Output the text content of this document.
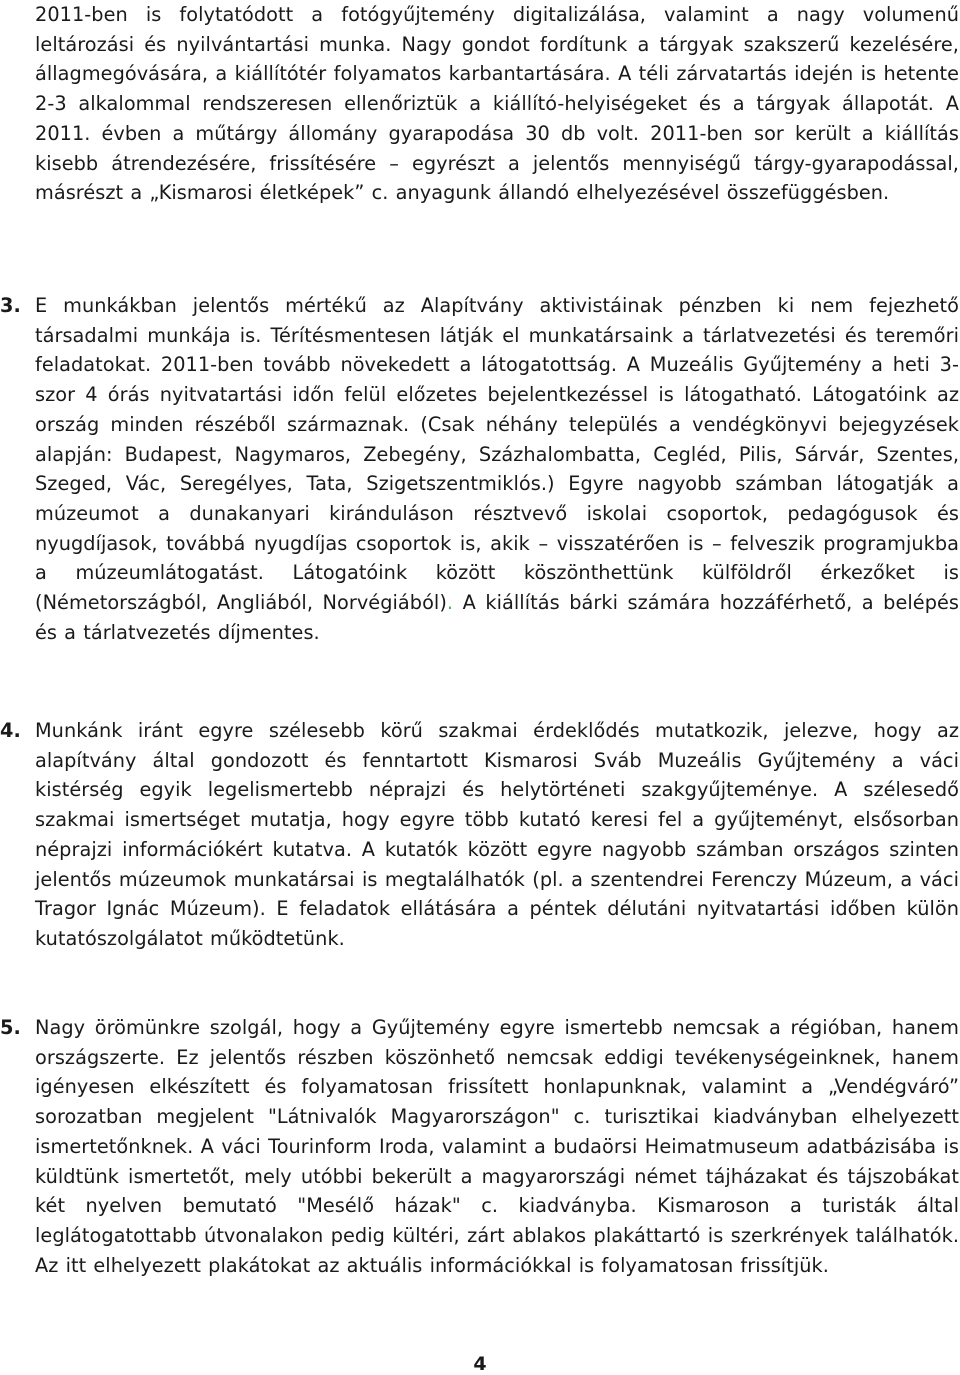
2011-ben is folytatódott a fotógyűjtemény digitalizálása, valamint a nagy volumenű leltározási és nyilvántartási munka. Nagy gondot fordítunk a tárgyak szakszerű kezelésére, állagmegóvására, a kiállítótér folyamatos karbantartására. A téli zárvatartás idején is hetente 2-3 alkalommal rendszeresen ellenőriztük a kiállító-helyiségeket és a tárgyak állapotát. A 2011. évben a műtárgy állomány gyarapodása 30 db volt. 2011-ben sor került a kiállítás kisebb átrendezésére, frissítésére – egyrészt a jelentős mennyiségű tárgy-gyarapodással, másrészt a „Kismarosi életképek” c. anyagunk állandó elhelyezésével összefüggésben.
3. E munkákban jelentős mértékű az Alapítvány aktivistáinak pénzben ki nem fejezhető társadalmi munkája is. Térítésmentesen látják el munkatársaink a tárlatvezetési és teremőri feladatokat. 2011-ben tovább növekedett a látogatottság. A Muzeális Gyűjtemény a heti 3-szor 4 órás nyitvatartási időn felül előzetes bejelentkezéssel is látogatható. Látogatóink az ország minden részéből származnak. (Csak néhány település a vendégkönyvi bejegyzések alapján: Budapest, Nagymaros, Zebegény, Százhalombatta, Cegléd, Pilis, Sárvár, Szentes, Szeged, Vác, Seregélyes, Tata, Szigetszentmiklós.) Egyre nagyobb számban látogatják a múzeumot a dunakanyari kiránduláson résztvevő iskolai csoportok, pedagógusok és nyugdíjasok, továbbá nyugdíjas csoportok is, akik – visszatérően is – felveszik programjukba a múzeumlátogatást. Látogatóink között köszönthettünk külföldről érkezőket is (Németországból, Angliából, Norvégiából). A kiállítás bárki számára hozzáférhető, a belépés és a tárlatvezetés díjmentes.
4. Munkánk iránt egyre szélesebb körű szakmai érdeklődés mutatkozik, jelezve, hogy az alapítvány által gondozott és fenntartott Kismarosi Sváb Muzeális Gyűjtemény a váci kistérség egyik legelismertebb néprajzi és helytörténeti szakgyűjteménye. A szélesedő szakmai ismertséget mutatja, hogy egyre több kutató keresi fel a gyűjteményt, elsősorban néprajzi információkért kutatva. A kutatók között egyre nagyobb számban országos szinten jelentős múzeumok munkatársai is megtalálhatók (pl. a szentendrei Ferenczy Múzeum, a váci Tragor Ignác Múzeum). E feladatok ellátására a péntek délutáni nyitvatartási időben külön kutatószolgálatot működtetünk.
5. Nagy örömünkre szolgál, hogy a Gyűjtemény egyre ismertebb nemcsak a régióban, hanem országszerte. Ez jelentős részben köszönhető nemcsak eddigi tevékenységeinknek, hanem igényesen elkészített és folyamatosan frissített honlapunknak, valamint a „Vendégváró” sorozatban megjelent "Látnivalók Magyarországon" c. turisztikai kiadványban elhelyezett ismertetőnknek. A váci Tourinform Iroda, valamint a budaörsi Heimatmuseum adatbázisába is küldtünk ismertetőt, mely utóbbi bekerült a magyarországi német tájházakat és tájszobákat két nyelven bemutató "Mesélő házak" c. kiadványba. Kismaroson a turisták által leglátogatottabb útvonalakon pedig kültéri, zárt ablakos plakáttartó is szerkrények találhatók. Az itt elhelyezett plakátokat az aktuális információkkal is folyamatosan frissítjük.
4
